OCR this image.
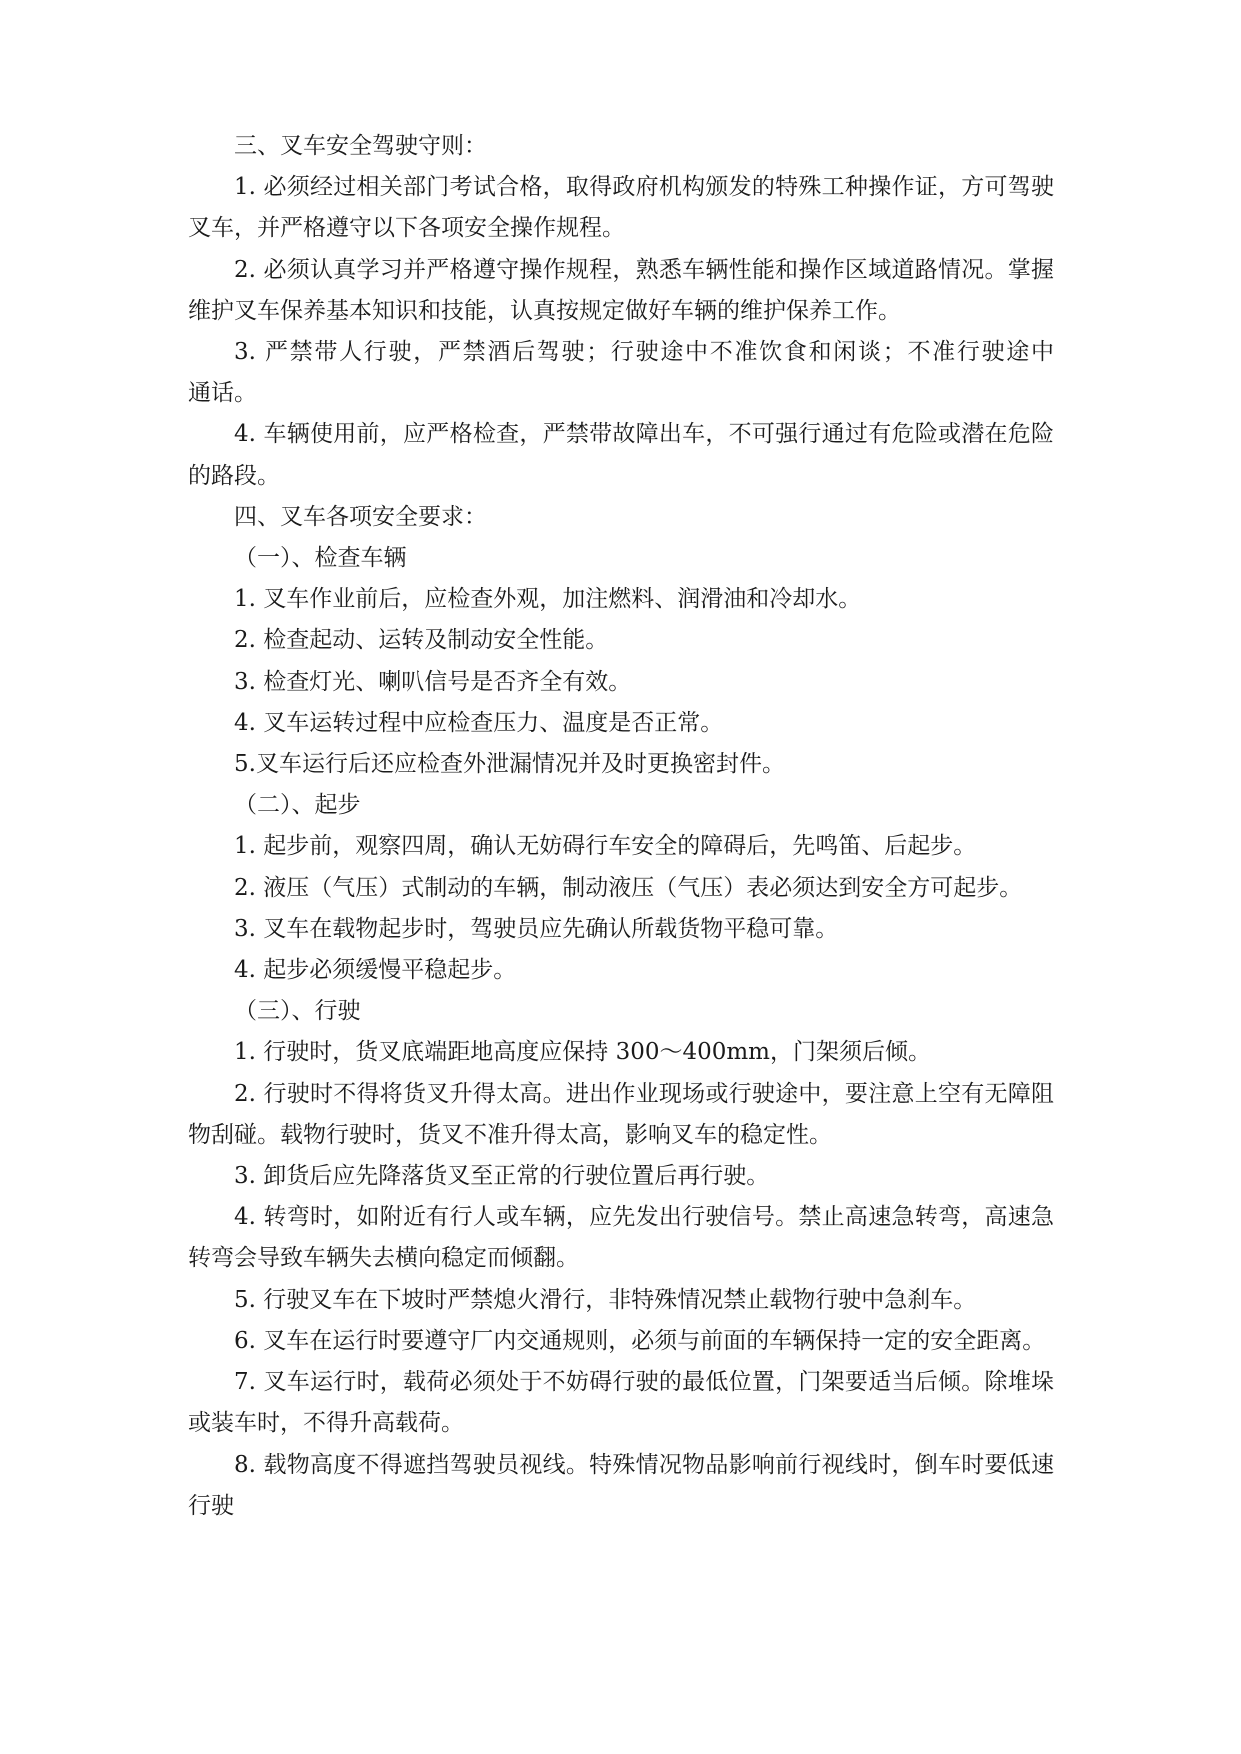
三、叉车安全驾驶守则：

1. 必须经过相关部门考试合格，取得政府机构颁发的特殊工种操作证，方可驾驶叉车，并严格遵守以下各项安全操作规程。

2. 必须认真学习并严格遵守操作规程，熟悉车辆性能和操作区域道路情况。掌握维护叉车保养基本知识和技能，认真按规定做好车辆的维护保养工作。

3. 严禁带人行驶，严禁酒后驾驶；行驶途中不准饮食和闲谈；不准行驶途中　　通话。

4. 车辆使用前，应严格检查，严禁带故障出车，不可强行通过有危险或潜在危险的路段。

四、叉车各项安全要求：

（一）、检查车辆

1. 叉车作业前后，应检查外观，加注燃料、润滑油和冷却水。

2. 检查起动、运转及制动安全性能。

3. 检查灯光、喇叭信号是否齐全有效。

4. 叉车运转过程中应检查压力、温度是否正常。

5.叉车运行后还应检查外泄漏情况并及时更换密封件。

（二）、起步

1. 起步前，观察四周，确认无妨碍行车安全的障碍后，先鸣笛、后起步。

2. 液压（气压）式制动的车辆，制动液压（气压）表必须达到安全方可起步。

3. 叉车在载物起步时，驾驶员应先确认所载货物平稳可靠。

4. 起步必须缓慢平稳起步。

（三）、行驶

1. 行驶时，货叉底端距地高度应保持 300～400mm，门架须后倾。

2. 行驶时不得将货叉升得太高。进出作业现场或行驶途中，要注意上空有无障阻物刮碰。载物行驶时，货叉不准升得太高，影响叉车的稳定性。

3. 卸货后应先降落货叉至正常的行驶位置后再行驶。

4. 转弯时，如附近有行人或车辆，应先发出行驶信号。禁止高速急转弯，高速急转弯会导致车辆失去横向稳定而倾翻。

5. 行驶叉车在下坡时严禁熄火滑行，非特殊情况禁止载物行驶中急刹车。

6. 叉车在运行时要遵守厂内交通规则，必须与前面的车辆保持一定的安全距离。

7. 叉车运行时，载荷必须处于不妨碍行驶的最低位置，门架要适当后倾。除堆垛或装车时，不得升高载荷。

8. 载物高度不得遮挡驾驶员视线。特殊情况物品影响前行视线时，倒车时要低速行驶
